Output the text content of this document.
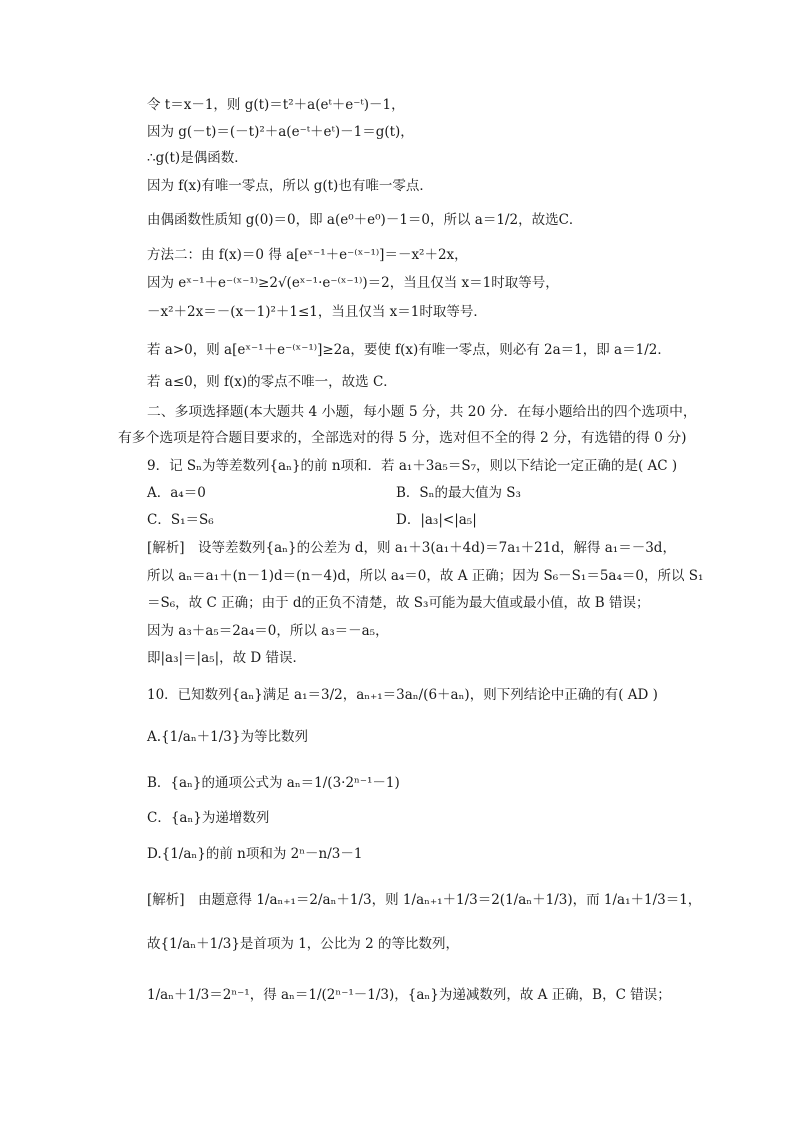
令 t＝x－1，则 g(t)＝t²＋a(eᵗ＋e⁻ᵗ)－1，
因为 g(－t)＝(－t)²＋a(e⁻ᵗ＋eᵗ)－1＝g(t)，
∴g(t)是偶函数．
因为 f(x)有唯一零点，所以 g(t)也有唯一零点．
由偶函数性质知 g(0)＝0，即 a(e⁰＋e⁰)－1＝0，所以 a＝1/2，故选C．
方法二：由 f(x)＝0 得 a[eˣ⁻¹＋e⁻⁽ˣ⁻¹⁾]＝－x²＋2x，
因为 eˣ⁻¹＋e⁻⁽ˣ⁻¹⁾≥2√(eˣ⁻¹·e⁻⁽ˣ⁻¹⁾)＝2，当且仅当 x＝1时取等号，
－x²＋2x＝－(x－1)²＋1≤1，当且仅当 x＝1时取等号．
若 a>0，则 a[eˣ⁻¹＋e⁻⁽ˣ⁻¹⁾]≥2a，要使 f(x)有唯一零点，则必有 2a＝1，即 a＝1/2．
若 a≤0，则 f(x)的零点不唯一，故选 C．
二、多项选择题(本大题共 4 小题，每小题 5 分，共 20 分．在每小题给出的四个选项中，
有多个选项是符合题目要求的，全部选对的得 5 分，选对但不全的得 2 分，有选错的得 0 分)
9．记 Sₙ为等差数列{aₙ}的前 n项和．若 a₁＋3a₅＝S₇，则以下结论一定正确的是( AC )
A．a₄＝0	B．Sₙ的最大值为 S₃
C．S₁＝S₆	D．|a₃|<|a₅|
[解析]　设等差数列{aₙ}的公差为 d，则 a₁＋3(a₁＋4d)＝7a₁＋21d，解得 a₁＝－3d，
所以 aₙ＝a₁＋(n－1)d＝(n－4)d，所以 a₄＝0，故 A 正确；因为 S₆－S₁＝5a₄＝0，所以 S₁
＝S₆，故 C 正确；由于 d的正负不清楚，故 S₃可能为最大值或最小值，故 B 错误；
因为 a₃＋a₅＝2a₄＝0，所以 a₃＝－a₅，
即|a₃|＝|a₅|，故 D 错误．
10．已知数列{aₙ}满足 a₁＝3/2，aₙ₊₁＝3aₙ/(6＋aₙ)，则下列结论中正确的有( AD )
A.{1/aₙ＋1/3}为等比数列
B．{aₙ}的通项公式为 aₙ＝1/(3·2ⁿ⁻¹－1)
C．{aₙ}为递增数列
D.{1/aₙ}的前 n项和为 2ⁿ－n/3－1
[解析]　由题意得 1/aₙ₊₁＝2/aₙ＋1/3，则 1/aₙ₊₁＋1/3＝2(1/aₙ＋1/3)，而 1/a₁＋1/3＝1，
故{1/aₙ＋1/3}是首项为 1，公比为 2 的等比数列，
1/aₙ＋1/3＝2ⁿ⁻¹，得 aₙ＝1/(2ⁿ⁻¹－1/3)，{aₙ}为递减数列，故 A 正确，B，C 错误；
